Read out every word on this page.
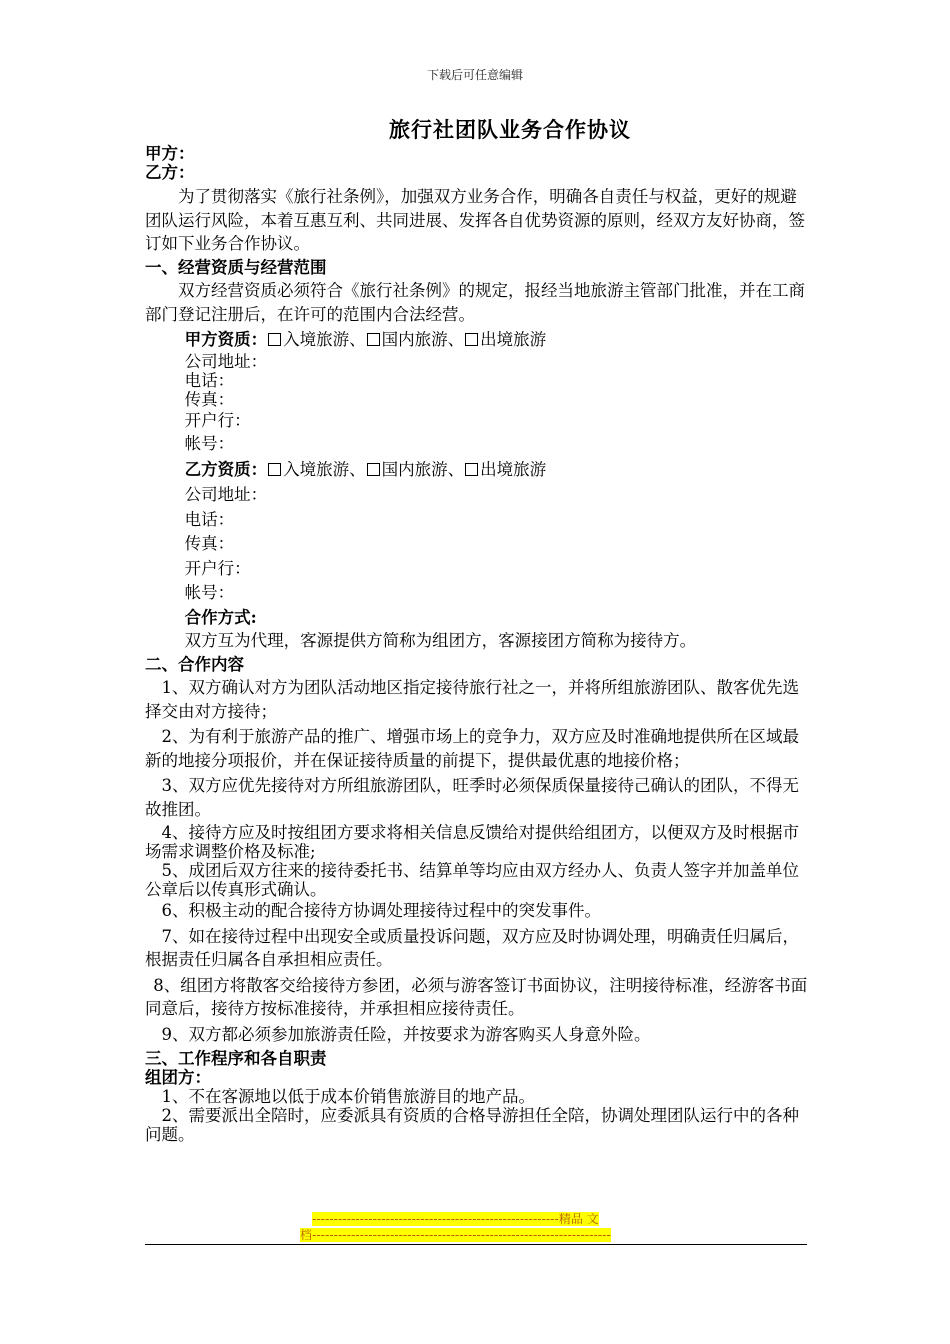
下载后可任意编辑
旅行社团队业务合作协议

甲方：

乙方：

为了贯彻落实《旅行社条例》，加强双方业务合作，明确各自责任与权益，更好的规避团队运行风险，本着互惠互利、共同进展、发挥各自优势资源的原则，经双方友好协商，签订如下业务合作协议。

一、经营资质与经营范围

双方经营资质必须符合《旅行社条例》的规定，报经当地旅游主管部门批准，并在工商部门登记注册后，在许可的范围内合法经营。

甲方资质： 入境旅游、 国内旅游、 出境旅游

公司地址：

电话：

传真：

开户行：

帐号：

乙方资质： 入境旅游、 国内旅游、 出境旅游

公司地址：

电话：

传真：

开户行：

帐号：

合作方式:

双方互为代理，客源提供方简称为组团方，客源接团方简称为接待方。

二、合作内容

1、双方确认对方为团队活动地区指定接待旅行社之一，并将所组旅游团队、散客优先选择交由对方接待；

2、为有利于旅游产品的推广、增强市场上的竞争力，双方应及时准确地提供所在区域最新的地接分项报价，并在保证接待质量的前提下，提供最优惠的地接价格；

3、双方应优先接待对方所组旅游团队，旺季时必须保质保量接待己确认的团队，不得无故推团。

4、接待方应及时按组团方要求将相关信息反馈给对提供给组团方，以便双方及时根据市场需求调整价格及标准;

5、成团后双方往来的接待委托书、结算单等均应由双方经办人、负责人签字并加盖单位公章后以传真形式确认。

6、积极主动的配合接待方协调处理接待过程中的突发事件。

7、如在接待过程中出现安全或质量投诉问题，双方应及时协调处理，明确责任归属后，根据责任归属各自承担相应责任。

8、组团方将散客交给接待方参团，必须与游客签订书面协议，注明接待标准，经游客书面同意后，接待方按标准接待，并承担相应接待责任。

9、双方都必须参加旅游责任险，并按要求为游客购买人身意外险。

三、工作程序和各自职责

组团方：

1、不在客源地以低于成本价销售旅游目的地产品。

2、需要派出全陪时，应委派具有资质的合格导游担任全陪，协调处理团队运行中的各种问题。

---------------------------------------------------------精品 文
档---------------------------------------------------------------------
